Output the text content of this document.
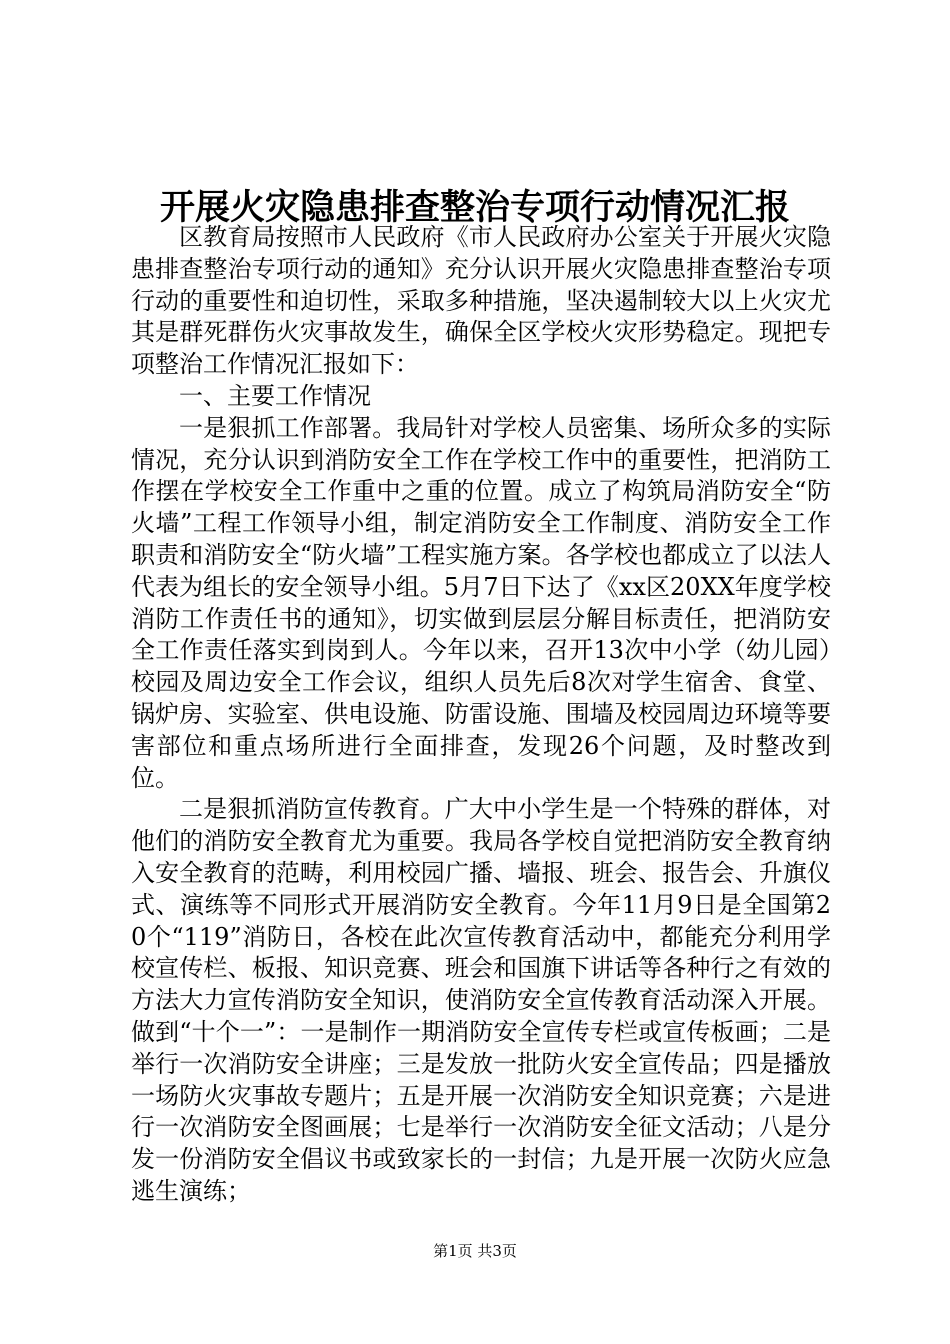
开展火灾隐患排查整治专项行动情况汇报

区教育局按照市人民政府《市人民政府办公室关于开展火灾隐患排查整治专项行动的通知》充分认识开展火灾隐患排查整治专项行动的重要性和迫切性，采取多种措施，坚决遏制较大以上火灾尤其是群死群伤火灾事故发生，确保全区学校火灾形势稳定。现把专项整治工作情况汇报如下：

一、主要工作情况

一是狠抓工作部署。我局针对学校人员密集、场所众多的实际情况，充分认识到消防安全工作在学校工作中的重要性，把消防工作摆在学校安全工作重中之重的位置。成立了构筑局消防安全“防火墙”工程工作领导小组，制定消防安全工作制度、消防安全工作职责和消防安全“防火墙”工程实施方案。各学校也都成立了以法人代表为组长的安全领导小组。5月7日下达了《xx区20XX年度学校消防工作责任书的通知》，切实做到层层分解目标责任，把消防安全工作责任落实到岗到人。今年以来，召开13次中小学（幼儿园）校园及周边安全工作会议，组织人员先后8次对学生宿舍、食堂、锅炉房、实验室、供电设施、防雷设施、围墙及校园周边环境等要害部位和重点场所进行全面排查，发现26个问题，及时整改到位。

二是狠抓消防宣传教育。广大中小学生是一个特殊的群体，对他们的消防安全教育尤为重要。我局各学校自觉把消防安全教育纳入安全教育的范畴，利用校园广播、墙报、班会、报告会、升旗仪式、演练等不同形式开展消防安全教育。今年11月9日是全国第20个“119”消防日，各校在此次宣传教育活动中，都能充分利用学校宣传栏、板报、知识竞赛、班会和国旗下讲话等各种行之有效的方法大力宣传消防安全知识，使消防安全宣传教育活动深入开展。做到“十个一”：一是制作一期消防安全宣传专栏或宣传板画；二是举行一次消防安全讲座；三是发放一批防火安全宣传品；四是播放一场防火灾事故专题片；五是开展一次消防安全知识竞赛；六是进行一次消防安全图画展；七是举行一次消防安全征文活动；八是分发一份消防安全倡议书或致家长的一封信；九是开展一次防火应急逃生演练；

第1页 共3页
